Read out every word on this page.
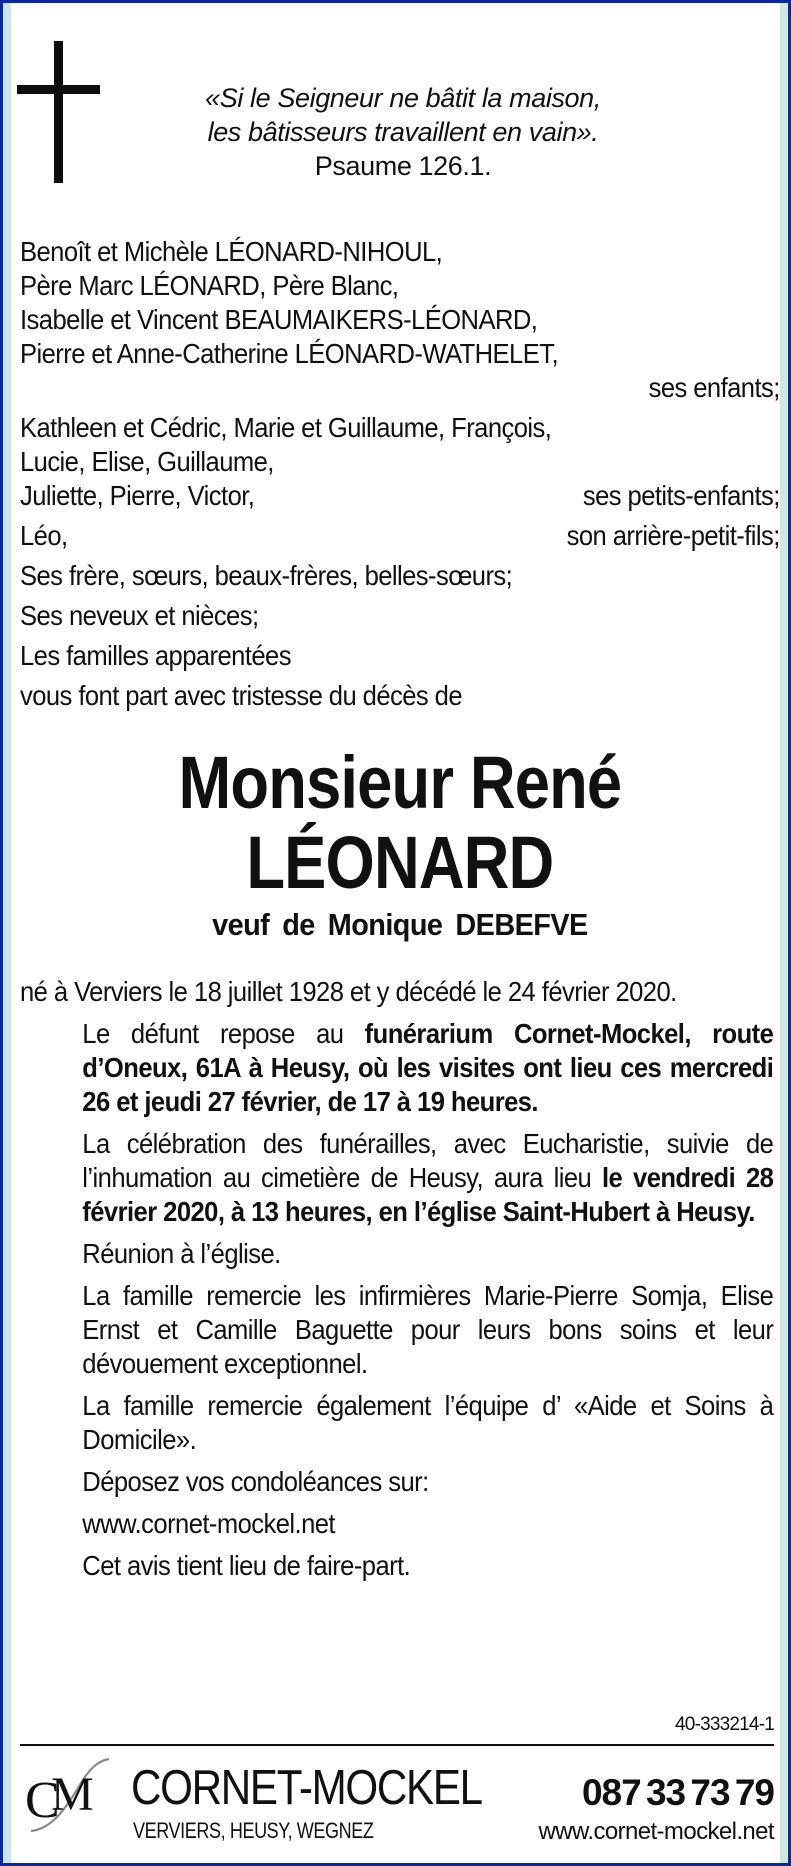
«Si le Seigneur ne bâtit la maison,
les bâtisseurs travaillent en vain».
Psaume 126.1.
Benoît et Michèle LÉONARD-NIHOUL,
Père Marc LÉONARD, Père Blanc,
Isabelle et Vincent BEAUMAIKERS-LÉONARD,
Pierre et Anne-Catherine LÉONARD-WATHELET,
ses enfants;
Kathleen et Cédric, Marie et Guillaume, François,
Lucie, Elise, Guillaume,
Juliette, Pierre, Victor,	ses petits-enfants;
Léo,	son arrière-petit-fils;
Ses frère, sœurs, beaux-frères, belles-sœurs;
Ses neveux et nièces;
Les familles apparentées
vous font part avec tristesse du décès de
Monsieur René LÉONARD
veuf de Monique DEBEFVE
né à Verviers le 18 juillet 1928 et y décédé le 24 février 2020.
Le défunt repose au funérarium Cornet-Mockel, route d’Oneux, 61A à Heusy, où les visites ont lieu ces mercredi 26 et jeudi 27 février, de 17 à 19 heures.
La célébration des funérailles, avec Eucharistie, suivie de l’inhumation au cimetière de Heusy, aura lieu le vendredi 28 février 2020, à 13 heures, en l’église Saint-Hubert à Heusy.
Réunion à l’église.
La famille remercie les infirmières Marie-Pierre Somja, Elise Ernst et Camille Baguette pour leurs bons soins et leur dévouement exceptionnel.
La famille remercie également l’équipe d’ «Aide et Soins à Domicile».
Déposez vos condoléances sur:
www.cornet-mockel.net
Cet avis tient lieu de faire-part.
40-333214-1
C
M CORNET-MOCKEL
VERVIERS, HEUSY, WEGNEZ
087 33 73 79
www.cornet-mockel.net
